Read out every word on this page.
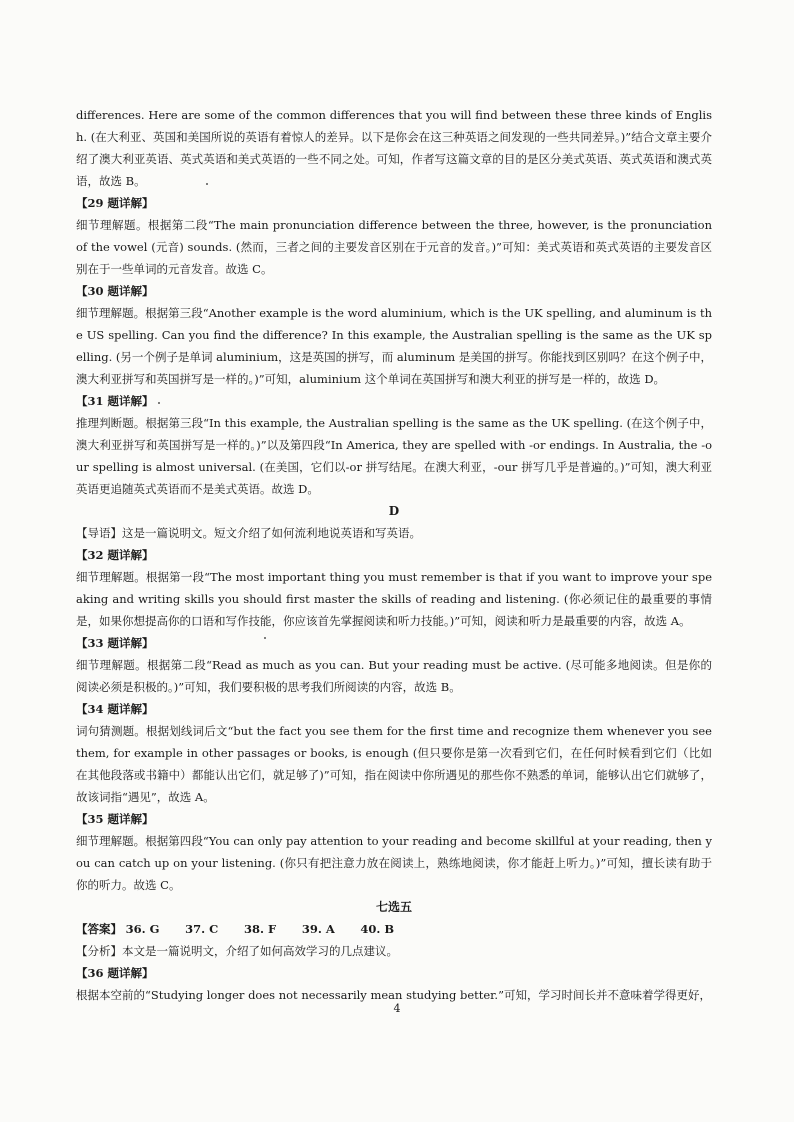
differences. Here are some of the common differences that you will find between these three kinds of English. (在大利亚、英国和美国所说的英语有着惊人的差异。以下是你会在这三种英语之间发现的一些共同差异。)”结合文章主要介绍了澳大利亚英语、英式英语和美式英语的一些不同之处。可知，作者写这篇文章的目的是区分美式英语、英式英语和澳式英语，故选 B。

【29 题详解】

细节理解题。根据第二段“The main pronunciation difference between the three, however, is the pronunciation of the vowel (元音) sounds. (然而，三者之间的主要发音区别在于元音的发音。)”可知：美式英语和英式英语的主要发音区别在于一些单词的元音发音。故选 C。

【30 题详解】

细节理解题。根据第三段“Another example is the word aluminium, which is the UK spelling, and aluminum is the US spelling. Can you find the difference? In this example, the Australian spelling is the same as the UK spelling. (另一个例子是单词 aluminium，这是英国的拼写，而 aluminum 是美国的拼写。你能找到区别吗？在这个例子中，澳大利亚拼写和英国拼写是一样的。)”可知，aluminium 这个单词在英国拼写和澳大利亚的拼写是一样的，故选 D。

【31 题详解】

推理判断题。根据第三段“In this example, the Australian spelling is the same as the UK spelling. (在这个例子中，澳大利亚拼写和英国拼写是一样的。)”以及第四段“In America, they are spelled with -or endings. In Australia, the -our spelling is almost universal. (在美国，它们以-or 拼写结尾。在澳大利亚，-our 拼写几乎是普遍的。)”可知，澳大利亚英语更追随英式英语而不是美式英语。故选 D。

D

【导语】这是一篇说明文。短文介绍了如何流利地说英语和写英语。

【32 题详解】

细节理解题。根据第一段“The most important thing you must remember is that if you want to improve your speaking and writing skills you should first master the skills of reading and listening. (你必须记住的最重要的事情是，如果你想提高你的口语和写作技能，你应该首先掌握阅读和听力技能。)”可知，阅读和听力是最重要的内容，故选 A。

【33 题详解】

细节理解题。根据第二段“Read as much as you can. But your reading must be active. (尽可能多地阅读。但是你的阅读必须是积极的。)”可知，我们要积极的思考我们所阅读的内容，故选 B。

【34 题详解】

词句猜测题。根据划线词后文“but the fact you see them for the first time and recognize them whenever you see them, for example in other passages or books, is enough (但只要你是第一次看到它们，在任何时候看到它们（比如在其他段落或书籍中）都能认出它们，就足够了)”可知，指在阅读中你所遇见的那些你不熟悉的单词，能够认出它们就够了，故该词指“遇见”，故选 A。

【35 题详解】

细节理解题。根据第四段“You can only pay attention to your reading and become skillful at your reading, then you can catch up on your listening. (你只有把注意力放在阅读上，熟练地阅读，你才能赶上听力。)”可知，擅长读有助于你的听力。故选 C。

七选五

【答案】 36. G 37. C 38. F 39. A 40. B

【分析】本文是一篇说明文，介绍了如何高效学习的几点建议。

【36 题详解】

根据本空前的“Studying longer does not necessarily mean studying better.”可知，学习时间长并不意味着学得更好，

4
